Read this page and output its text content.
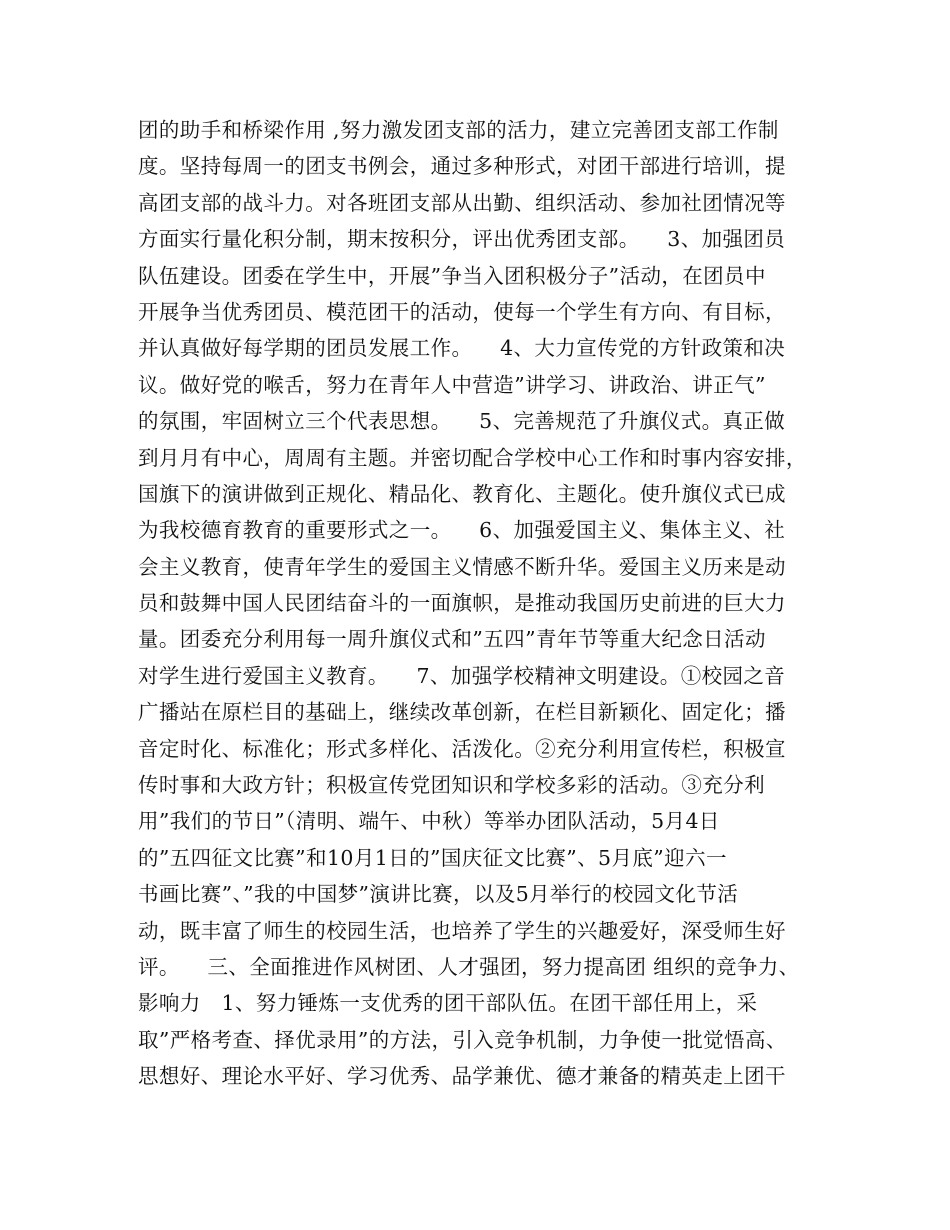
团的助手和桥梁作用 ,努力激发团支部的活力，建立完善团支部工作制
度。坚持每周一的团支书例会，通过多种形式，对团干部进行培训，提
高团支部的战斗力。对各班团支部从出勤、组织活动、参加社团情况等
方面实行量化积分制，期末按积分，评出优秀团支部。    3、加强团员
队伍建设。团委在学生中，开展”争当入团积极分子”活动，在团员中
开展争当优秀团员、模范团干的活动，使每一个学生有方向、有目标，
并认真做好每学期的团员发展工作。    4、大力宣传党的方针政策和决
议。做好党的喉舌，努力在青年人中营造”讲学习、讲政治、讲正气”
的氛围，牢固树立三个代表思想。    5、完善规范了升旗仪式。真正做
到月月有中心，周周有主题。并密切配合学校中心工作和时事内容安排，
国旗下的演讲做到正规化、精品化、教育化、主题化。使升旗仪式已成
为我校德育教育的重要形式之一。    6、加强爱国主义、集体主义、社
会主义教育，使青年学生的爱国主义情感不断升华。爱国主义历来是动
员和鼓舞中国人民团结奋斗的一面旗帜，是推动我国历史前进的巨大力
量。团委充分利用每一周升旗仪式和”五四”青年节等重大纪念日活动
对学生进行爱国主义教育。    7、加强学校精神文明建设。①校园之音
广播站在原栏目的基础上，继续改革创新，在栏目新颖化、固定化；播
音定时化、标准化；形式多样化、活泼化。②充分利用宣传栏，积极宣
传时事和大政方针；积极宣传党团知识和学校多彩的活动。③充分利
用”我们的节日”（清明、端午、中秋）等举办团队活动，5月4日
的”五四征文比赛”和10月1日的”国庆征文比赛”、5月底”迎六一
书画比赛”、”我的中国梦”演讲比赛，以及5月举行的校园文化节活
动，既丰富了师生的校园生活，也培养了学生的兴趣爱好，深受师生好
评。    三、全面推进作风树团、人才强团，努力提高团 组织的竞争力、
影响力   1、努力锤炼一支优秀的团干部队伍。在团干部任用上，采
取”严格考查、择优录用”的方法，引入竞争机制，力争使一批觉悟高、
思想好、理论水平好、学习优秀、品学兼优、德才兼备的精英走上团干
